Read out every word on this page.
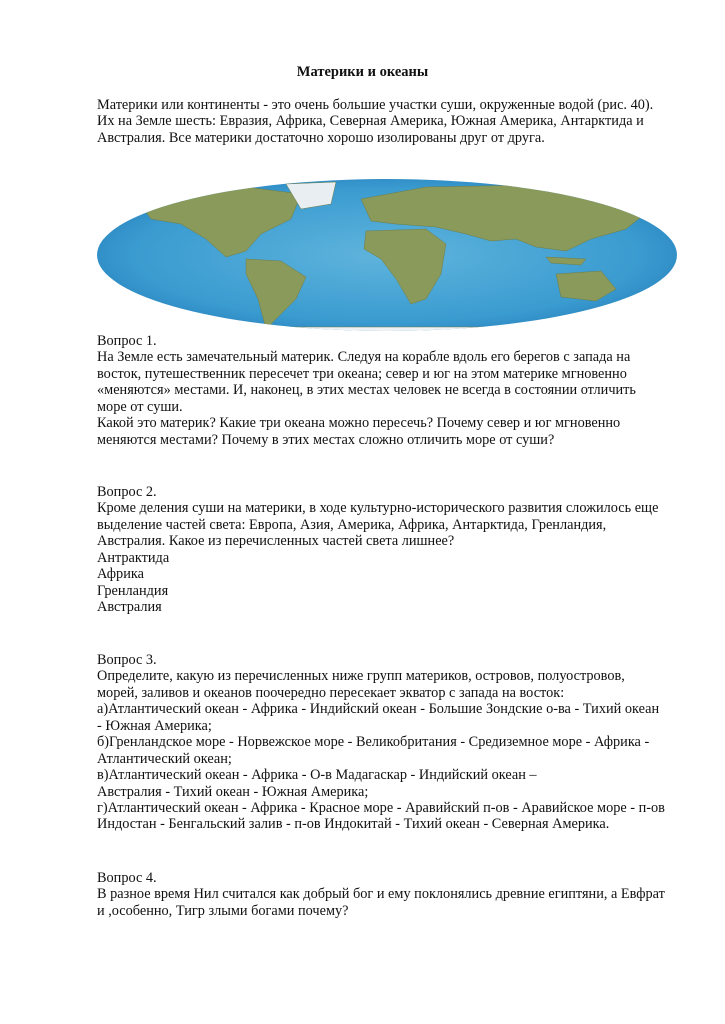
Материки и океаны
Материки или континенты - это очень большие участки суши, окруженные водой (рис. 40).
Их на Земле шесть: Евразия, Африка, Северная Америка, Южная Америка, Антарктида и
Австралия. Все материки достаточно хорошо изолированы друг от друга.
Вопрос 1.
На Земле есть замечательный материк. Следуя на корабле вдоль его берегов с запада на
восток, путешественник пересечет три океана; север и юг на этом материке мгновенно
«меняются» местами. И, наконец, в этих местах человек не всегда в состоянии отличить
море от суши.
Какой это материк? Какие три океана можно пересечь? Почему север и юг мгновенно
меняются местами? Почему в этих местах сложно отличить море от суши?
Вопрос 2.
Кроме деления суши на материки, в ходе культурно-исторического развития сложилось еще
выделение частей света: Европа, Азия, Америка, Африка, Антарктида, Гренландия,
Австралия. Какое из перечисленных частей света лишнее?
Антрактида
Африка
Гренландия
Австралия
Вопрос 3.
Определите, какую из перечисленных ниже групп материков, островов, полуостровов,
морей, заливов и океанов поочередно пересекает экватор с запада на восток:
а)Атлантический океан - Африка - Индийский океан - Большие Зондские о-ва - Тихий океан
- Южная Америка;
б)Гренландское море - Норвежское море - Великобритания - Средиземное море - Африка -
Атлантический океан;
в)Атлантический океан - Африка - О-в Мадагаскар - Индийский океан –
Австралия - Тихий океан - Южная Америка;
г)Атлантический океан - Африка - Красное море - Аравийский п-ов - Аравийское море - п-ов
Индостан - Бенгальский залив - п-ов Индокитай - Тихий океан - Северная Америка.
Вопрос 4.
В разное время Нил считался как добрый бог и ему поклонялись древние египтяни, а Евфрат
и ,особенно, Тигр злыми богами почему?
